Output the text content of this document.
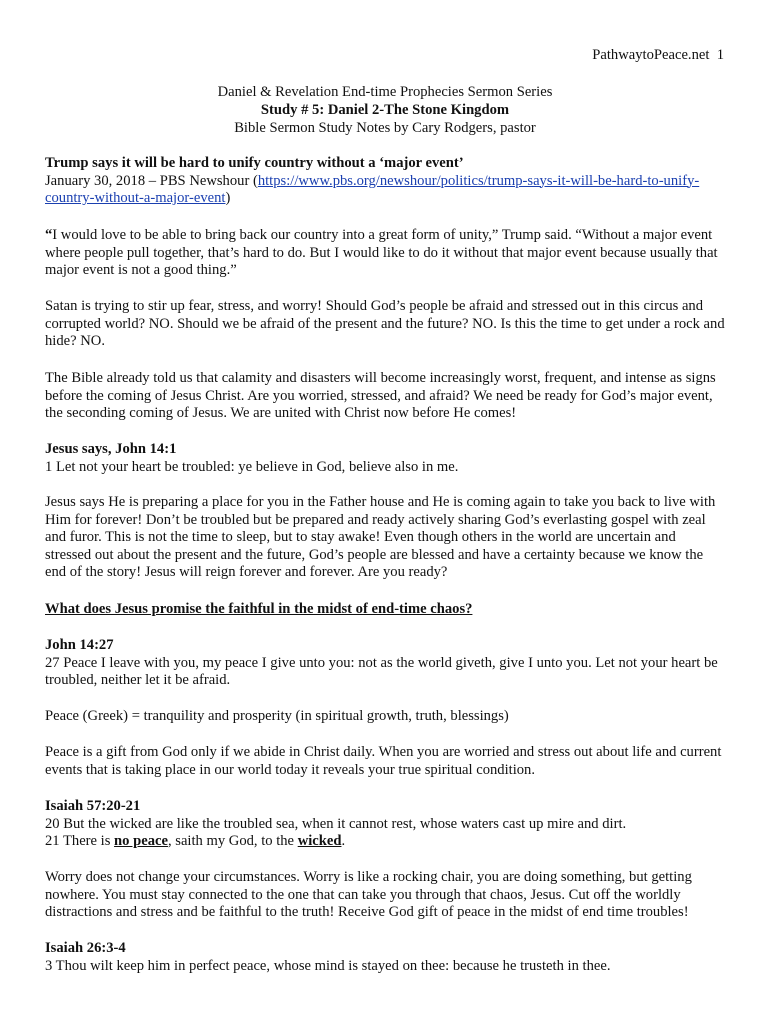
PathwaytoPeace.net 1
Daniel & Revelation End-time Prophecies Sermon Series
Study # 5: Daniel 2-The Stone Kingdom
Bible Sermon Study Notes by Cary Rodgers, pastor

Trump says it will be hard to unify country without a ‘major event’

January 30, 2018 – PBS Newshour (https://www.pbs.org/newshour/politics/trump-says-it-will-be-hard-to-unify- country-without-a-major-event)

“I would love to be able to bring back our country into a great form of unity,” Trump said. “Without a major event where people pull together, that’s hard to do. But I would like to do it without that major event because usually that major event is not a good thing.”

Satan is trying to stir up fear, stress, and worry! Should God’s people be afraid and stressed out in this circus and corrupted world? NO. Should we be afraid of the present and the future? NO. Is this the time to get under a rock and hide? NO.

The Bible already told us that calamity and disasters will become increasingly worst, frequent, and intense as signs before the coming of Jesus Christ. Are you worried, stressed, and afraid? We need be ready for God’s major event, the seconding coming of Jesus. We are united with Christ now before He comes!

Jesus says, John 14:1

1 Let not your heart be troubled: ye believe in God, believe also in me.

Jesus says He is preparing a place for you in the Father house and He is coming again to take you back to live with Him for forever! Don’t be troubled but be prepared and ready actively sharing God’s everlasting gospel with zeal and furor. This is not the time to sleep, but to stay awake! Even though others in the world are uncertain and stressed out about the present and the future, God’s people are blessed and have a certainty because we know the end of the story! Jesus will reign forever and forever. Are you ready?

What does Jesus promise the faithful in the midst of end-time chaos?

John 14:27

27 Peace I leave with you, my peace I give unto you: not as the world giveth, give I unto you. Let not your heart be troubled, neither let it be afraid.

Peace (Greek) = tranquility and prosperity (in spiritual growth, truth, blessings)

Peace is a gift from God only if we abide in Christ daily. When you are worried and stress out about life and current events that is taking place in our world today it reveals your true spiritual condition.

Isaiah 57:20-21

20 But the wicked are like the troubled sea, when it cannot rest, whose waters cast up mire and dirt.

21 There is no peace, saith my God, to the wicked.

Worry does not change your circumstances. Worry is like a rocking chair, you are doing something, but getting nowhere. You must stay connected to the one that can take you through that chaos, Jesus. Cut off the worldly distractions and stress and be faithful to the truth! Receive God gift of peace in the midst of end time troubles!

Isaiah 26:3-4

3 Thou wilt keep him in perfect peace, whose mind is stayed on thee: because he trusteth in thee.
